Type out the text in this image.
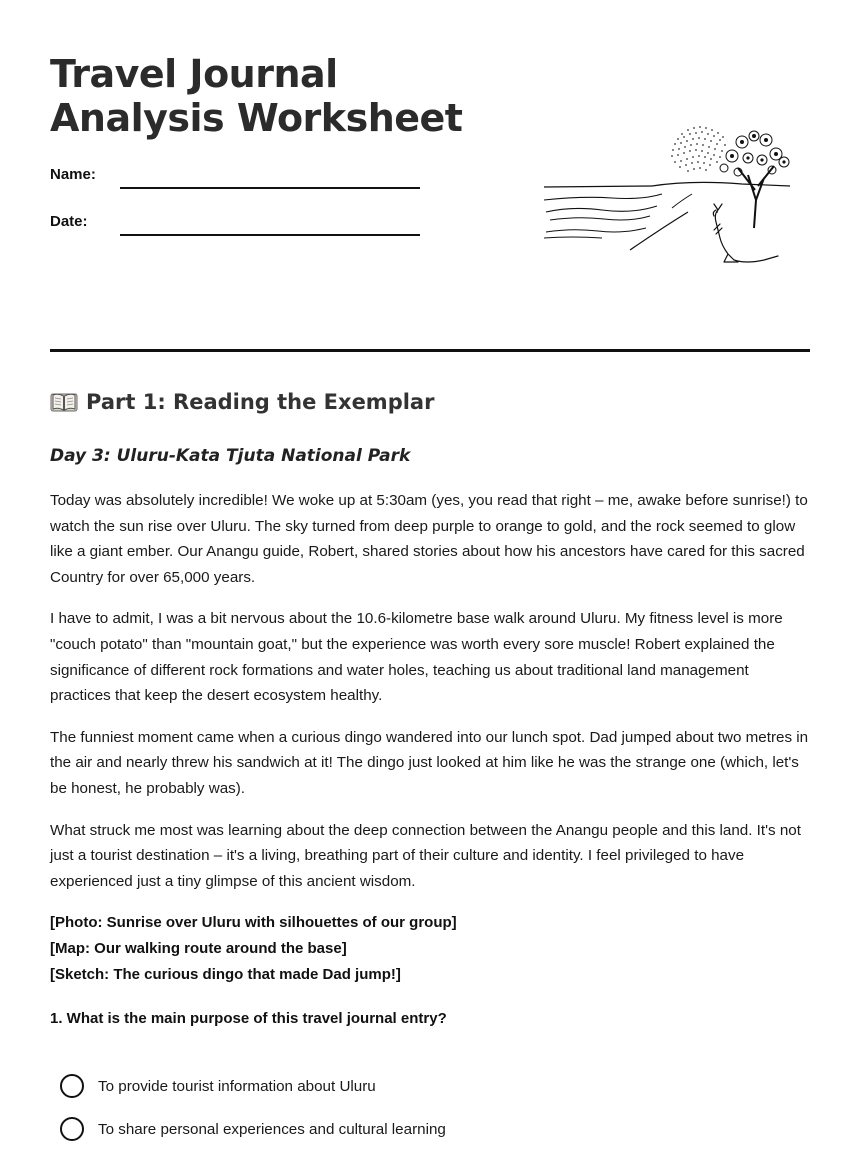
Travel Journal Analysis Worksheet
Name:
Date:
Part 1: Reading the Exemplar
Day 3: Uluru-Kata Tjuta National Park

Today was absolutely incredible! We woke up at 5:30am (yes, you read that right – me, awake before sunrise!) to watch the sun rise over Uluru. The sky turned from deep purple to orange to gold, and the rock seemed to glow like a giant ember. Our Anangu guide, Robert, shared stories about how his ancestors have cared for this sacred Country for over 65,000 years.

I have to admit, I was a bit nervous about the 10.6-kilometre base walk around Uluru. My fitness level is more "couch potato" than "mountain goat," but the experience was worth every sore muscle! Robert explained the significance of different rock formations and water holes, teaching us about traditional land management practices that keep the desert ecosystem healthy.

The funniest moment came when a curious dingo wandered into our lunch spot. Dad jumped about two metres in the air and nearly threw his sandwich at it! The dingo just looked at him like he was the strange one (which, let's be honest, he probably was).

What struck me most was learning about the deep connection between the Anangu people and this land. It's not just a tourist destination – it's a living, breathing part of their culture and identity. I feel privileged to have experienced just a tiny glimpse of this ancient wisdom.

[Photo: Sunrise over Uluru with silhouettes of our group]
[Map: Our walking route around the base]
[Sketch: The curious dingo that made Dad jump!]
1. What is the main purpose of this travel journal entry?
To provide tourist information about Uluru
To share personal experiences and cultural learning
